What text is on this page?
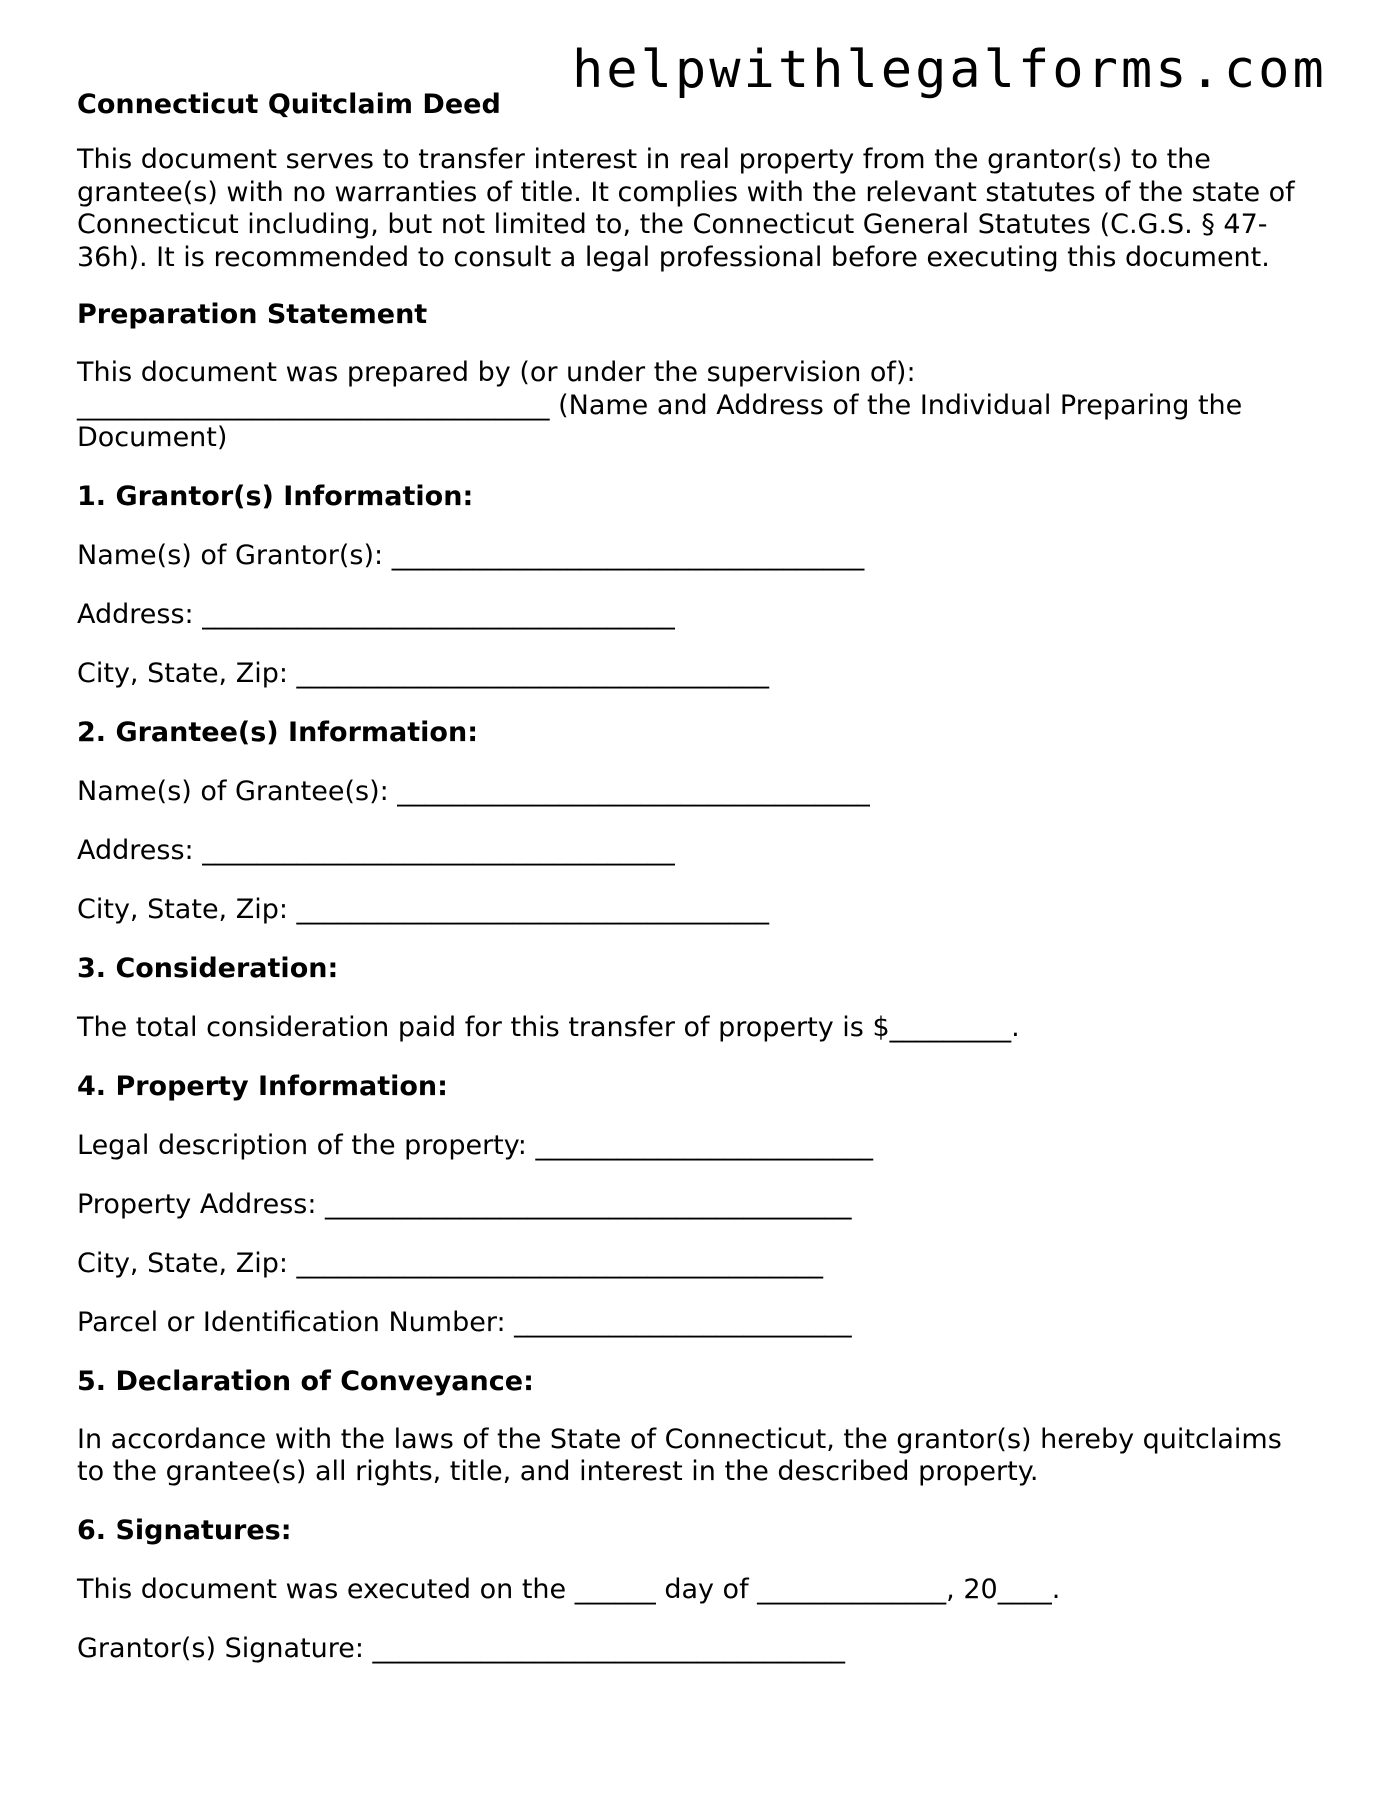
helpwithlegalforms.com
Connecticut Quitclaim Deed

This document serves to transfer interest in real property from the grantor(s) to the grantee(s) with no warranties of title. It complies with the relevant statutes of the state of Connecticut including, but not limited to, the Connecticut General Statutes (C.G.S. § 47-36h). It is recommended to consult a legal professional before executing this document.

Preparation Statement

This document was prepared by (or under the supervision of):
___________________________________ (Name and Address of the Individual Preparing the
Document)

1. Grantor(s) Information:

Name(s) of Grantor(s): ___________________________________

Address: ___________________________________

City, State, Zip: ___________________________________

2. Grantee(s) Information:

Name(s) of Grantee(s): ___________________________________

Address: ___________________________________

City, State, Zip: ___________________________________

3. Consideration:

The total consideration paid for this transfer of property is $_________.

4. Property Information:

Legal description of the property: _________________________

Property Address: _______________________________________

City, State, Zip: _______________________________________

Parcel or Identification Number: _________________________

5. Declaration of Conveyance:

In accordance with the laws of the State of Connecticut, the grantor(s) hereby quitclaims to the grantee(s) all rights, title, and interest in the described property.

6. Signatures:

This document was executed on the ______ day of ______________, 20____.

Grantor(s) Signature: ___________________________________
